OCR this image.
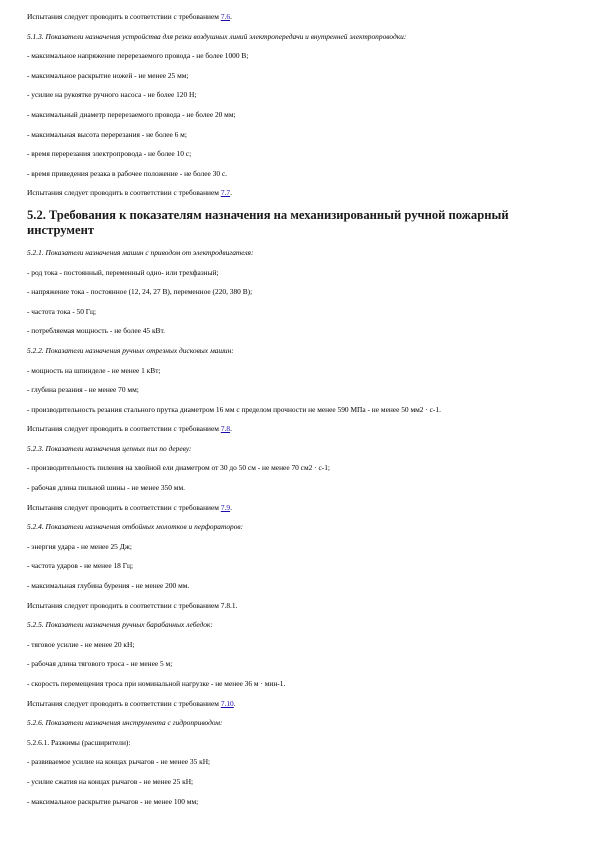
Испытания следует проводить в соответствии с требованием 7.6.
5.1.3. Показатели назначения устройства для резки воздушных линий электропередачи и внутренней электропроводки:
- максимальное напряжение перерезаемого провода - не более 1000 В;
- максимальное раскрытие ножей - не менее 25 мм;
- усилие на рукоятке ручного насоса - не более 120 Н;
- максимальный диаметр перерезаемого провода - не более 20 мм;
- максимальная высота перерезания - не более 6 м;
- время перерезания электропровода - не более 10 с;
- время приведения резака в рабочее положение - не более 30 с.
Испытания следует проводить в соответствии с требованием 7.7.
5.2. Требования к показателям назначения на механизированный ручной пожарный инструмент
5.2.1. Показатели назначения машин с приводом от электродвигателя:
- род тока - постоянный, переменный одно- или трехфазный;
- напряжение тока - постоянное (12, 24, 27 В), переменное (220, 380 В);
- частота тока - 50 Гц;
- потребляемая мощность - не более 45 кВт.
5.2.2. Показатели назначения ручных отрезных дисковых машин:
- мощность на шпинделе - не менее 1 кВт;
- глубина резания - не менее 70 мм;
- производительность резания стального прутка диаметром 16 мм с пределом прочности не менее 590 МПа - не менее 50 мм2 · с-1.
Испытания следует проводить в соответствии с требованием 7.8.
5.2.3. Показатели назначения цепных пил по дереву:
- производительность пиления на хвойной ели диаметром от 30 до 50 см - не менее 70 см2 · с-1;
- рабочая длина пильной шины - не менее 350 мм.
Испытания следует проводить в соответствии с требованием 7.9.
5.2.4. Показатели назначения отбойных молотков и перфораторов:
- энергия удара - не менее 25 Дж;
- частота ударов - не менее 18 Гц;
- максимальная глубина бурения - не менее 200 мм.
Испытания следует проводить в соответствии с требованием 7.8.1.
5.2.5. Показатели назначения ручных барабанных лебедок:
- тяговое усилие - не менее 20 кН;
- рабочая длина тягового троса - не менее 5 м;
- скорость перемещения троса при номинальной нагрузке - не менее 36 м · мин-1.
Испытания следует проводить в соответствии с требованием 7.10.
5.2.6. Показатели назначения инструмента с гидроприводом:
5.2.6.1. Разжимы (расширители):
- развиваемое усилие на концах рычагов - не менее 35 кН;
- усилие сжатия на концах рычагов - не менее 25 кН;
- максимальное раскрытие рычагов - не менее 100 мм;
